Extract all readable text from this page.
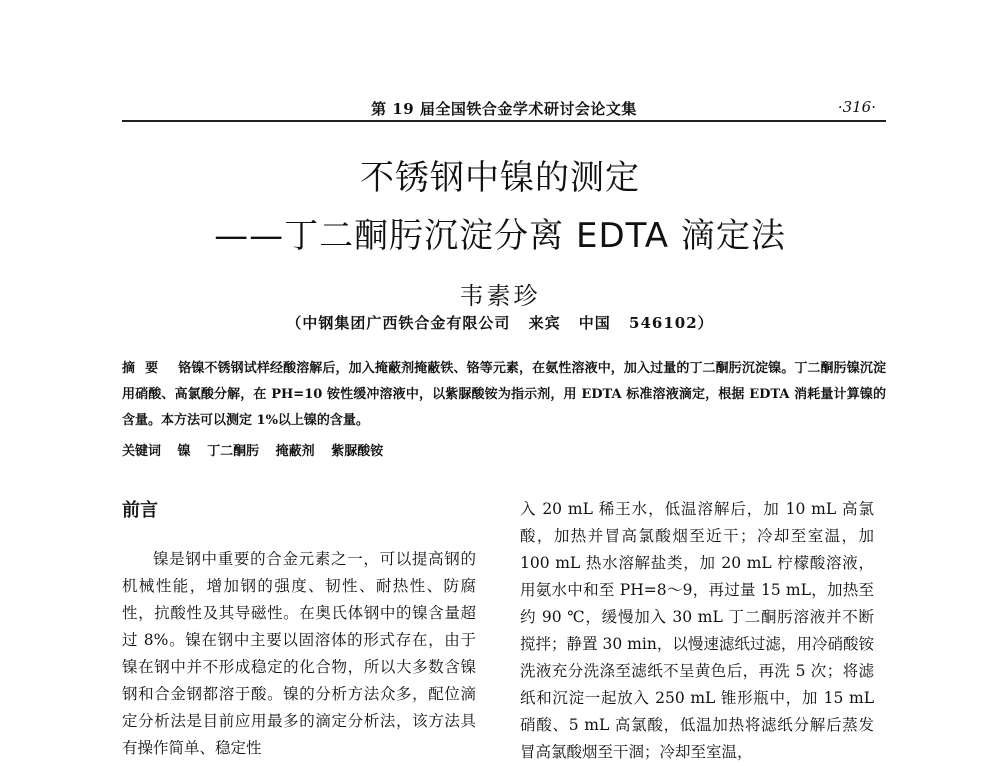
第 19 届全国铁合金学术研讨会论文集	·316·
不锈钢中镍的测定
——丁二酮肟沉淀分离 EDTA 滴定法
韦素珍
（中钢集团广西铁合金有限公司 来宾 中国 546102）
摘要 铬镍不锈钢试样经酸溶解后，加入掩蔽剂掩蔽铁、铬等元素，在氨性溶液中，加入过量的丁二酮肟沉淀镍。丁二酮肟镍沉淀用硝酸、高氯酸分解，在 PH=10 铵性缓冲溶液中，以紫脲酸铵为指示剂，用 EDTA 标准溶液滴定，根据 EDTA 消耗量计算镍的含量。本方法可以测定 1%以上镍的含量。
关键词 镍 丁二酮肟 掩蔽剂 紫脲酸铵
前言
镍是钢中重要的合金元素之一，可以提高钢的机械性能，增加钢的强度、韧性、耐热性、防腐性，抗酸性及其导磁性。在奥氏体钢中的镍含量超过 8%。镍在钢中主要以固溶体的形式存在，由于镍在钢中并不形成稳定的化合物，所以大多数含镍钢和合金钢都溶于酸。镍的分析方法众多，配位滴定分析法是目前应用最多的滴定分析法，该方法具有操作简单、稳定性
入 20 mL 稀王水，低温溶解后，加 10 mL 高氯酸，加热并冒高氯酸烟至近干；冷却至室温，加 100 mL 热水溶解盐类，加 20 mL 柠檬酸溶液，用氨水中和至 PH=8～9，再过量 15 mL，加热至约 90 ℃，缓慢加入 30 mL 丁二酮肟溶液并不断搅拌；静置 30 min，以慢速滤纸过滤，用冷硝酸铵洗液充分洗涤至滤纸不呈黄色后，再洗 5 次；将滤纸和沉淀一起放入 250 mL 锥形瓶中，加 15 mL 硝酸、5 mL 高氯酸，低温加热将滤纸分解后蒸发冒高氯酸烟至干涸；冷却至室温，
